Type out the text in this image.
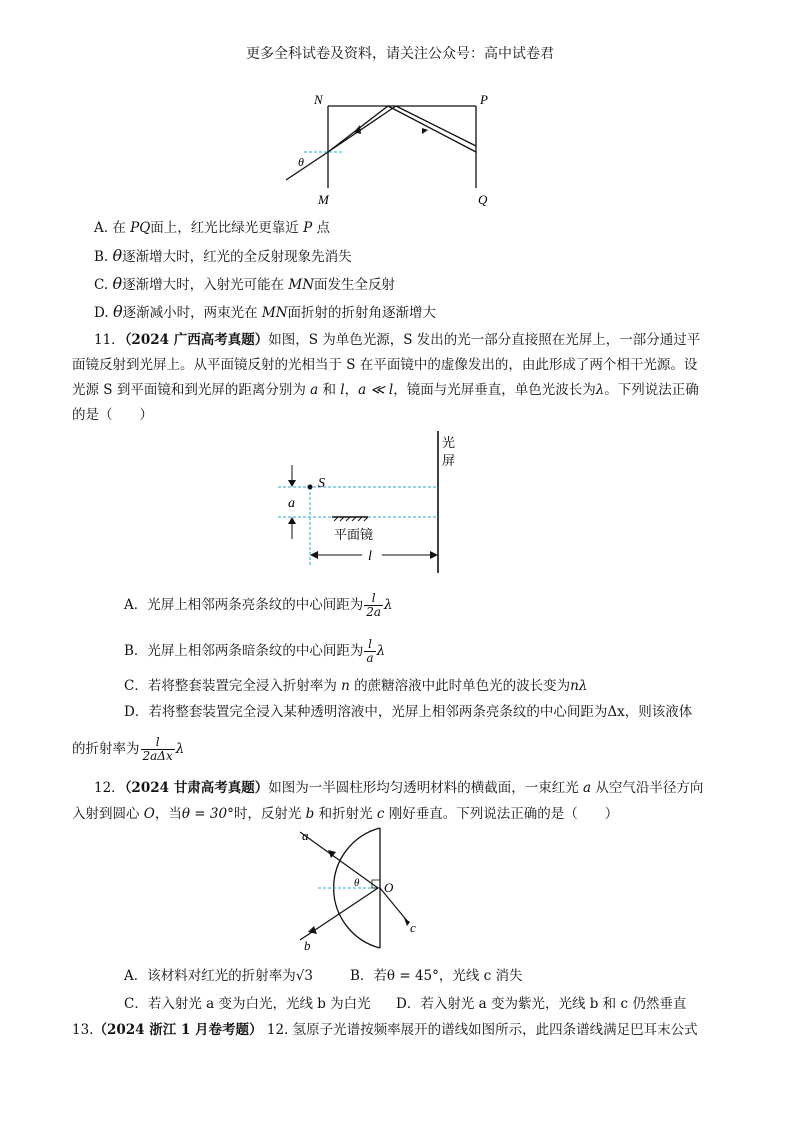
更多全科试卷及资料，请关注公众号：高中试卷君
N	P
M	Q
θ
A. 在 PQ面上，红光比绿光更靠近 P 点
B. θ逐渐增大时，红光的全反射现象先消失
C. θ逐渐增大时，入射光可能在 MN面发生全反射
D. θ逐渐减小时，两束光在 MN面折射的折射角逐渐增大
11．（2024 广西高考真题）如图，S 为单色光源，S 发出的光一部分直接照在光屏上，一部分通过平
面镜反射到光屏上。从平面镜反射的光相当于 S 在平面镜中的虚像发出的，由此形成了两个相干光源。设
光源 S 到平面镜和到光屏的距离分别为 a 和 l，a ≪ l，镜面与光屏垂直，单色光波长为λ。下列说法正确
的是（　　）
光
屏
S
a
平面镜
l
A．光屏上相邻两条亮条纹的中心间距为 $\frac{l}{2a}$ λ
B．光屏上相邻两条暗条纹的中心间距为 $\frac{l}{a}$ λ
C．若将整套装置完全浸入折射率为 n 的蔗糖溶液中此时单色光的波长变为nλ
D．若将整套装置完全浸入某种透明溶液中，光屏上相邻两条亮条纹的中心间距为Δx，则该液体
的折射率为 $\frac{l}{\text{2aΔx}}$ λ
12．（2024 甘肃高考真题）如图为一半圆柱形均匀透明材料的横截面，一束红光 a 从空气沿半径方向
入射到圆心 O，当θ = 30°时，反射光 b 和折射光 c 刚好垂直。下列说法正确的是（　　）
a
b
c
O
θ
A．该材料对红光的折射率为√3	B．若θ = 45°，光线 c 消失
C．若入射光 a 变为白光，光线 b 为白光 D．若入射光 a 变为紫光，光线 b 和 c 仍然垂直
13.（2024 浙江 1 月卷考题） 12. 氢原子光谱按频率展开的谱线如图所示，此四条谱线满足巴耳末公式
